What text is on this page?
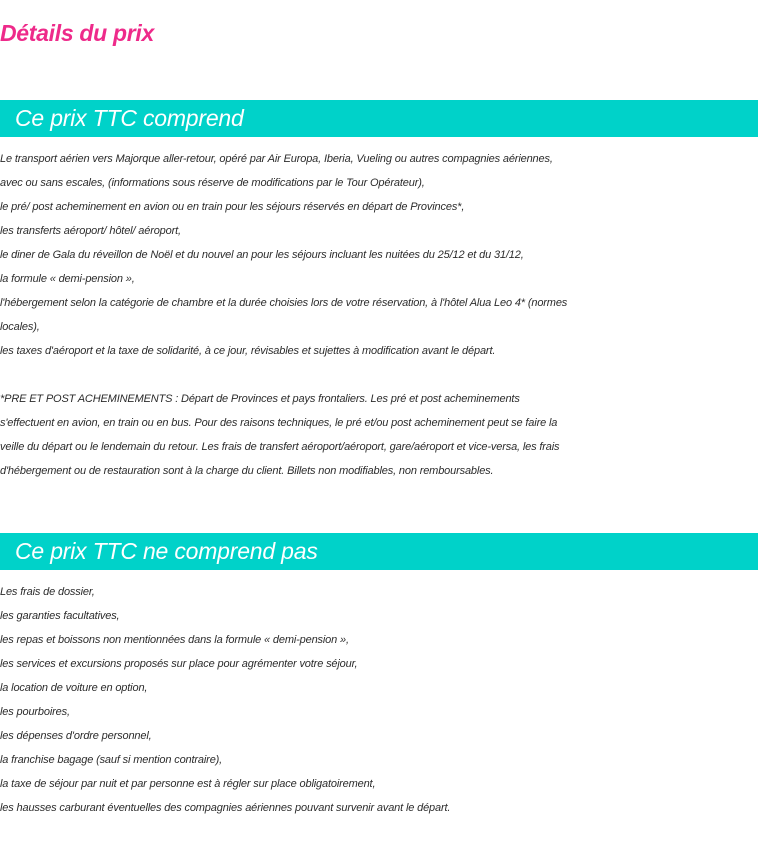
Détails du prix
Ce prix TTC comprend
Le transport aérien vers Majorque aller-retour, opéré par Air Europa, Iberia, Vueling ou autres compagnies aériennes,
avec ou sans escales, (informations sous réserve de modifications par le Tour Opérateur),
le pré/ post acheminement en avion ou en train pour les séjours réservés en départ de Provinces*,
les transferts aéroport/ hôtel/ aéroport,
le diner de Gala du réveillon de Noël et du nouvel an pour les séjours incluant les nuitées du 25/12 et du 31/12,
la formule « demi-pension »,
l'hébergement selon la catégorie de chambre et la durée choisies lors de votre réservation, à l'hôtel Alua Leo 4* (normes
locales),
les taxes d'aéroport et la taxe de solidarité, à ce jour, révisables et sujettes à modification avant le départ.
*PRE ET POST ACHEMINEMENTS : Départ de Provinces et pays frontaliers. Les pré et post acheminements
s'effectuent en avion, en train ou en bus. Pour des raisons techniques, le pré et/ou post acheminement peut se faire la
veille du départ ou le lendemain du retour. Les frais de transfert aéroport/aéroport, gare/aéroport et vice-versa, les frais
d'hébergement ou de restauration sont à la charge du client. Billets non modifiables, non remboursables.
Ce prix TTC ne comprend pas
Les frais de dossier,
les garanties facultatives,
les repas et boissons non mentionnées dans la formule « demi-pension »,
les services et excursions proposés sur place pour agrémenter votre séjour,
la location de voiture en option,
les pourboires,
les dépenses d'ordre personnel,
la franchise bagage (sauf si mention contraire),
la taxe de séjour par nuit et par personne est à régler sur place obligatoirement,
les hausses carburant éventuelles des compagnies aériennes pouvant survenir avant le départ.
